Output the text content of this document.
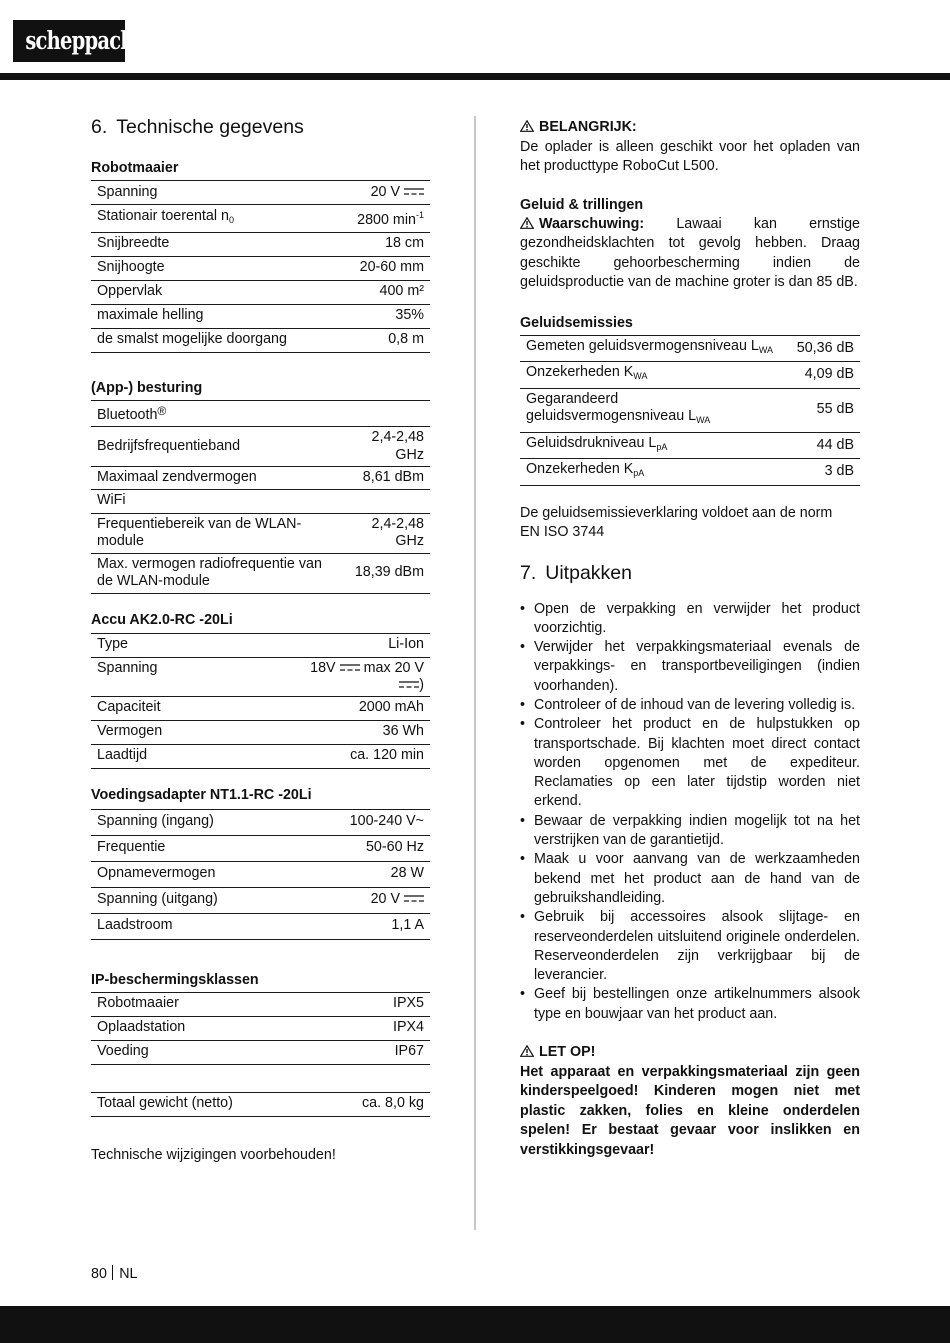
scheppach
6. Technische gegevens

Robotmaaier

Spanning	20 V
Stationair toerental $n_0$	2800 $\min^{-1}$
Snijbreedte	18 cm
Snijhoogte	20-60 mm
Oppervlak	400 m²
maximale helling	35%
de smalst mogelijke doorgang	0,8 m

(App-) besturing

Bluetooth®
Bedrijfsfrequentieband	2,4-2,48 GHz
Maximaal zendvermogen	8,61 dBm
WiFi	
Frequentiebereik van de WLAN-module	2,4-2,48 GHz
Max. vermogen radiofrequentie van de WLAN-module	18,39 dBm

Accu AK2.0-RC -20Li

Type	Li-Ion
Spanning	18V max 20 V
)
Capaciteit	2000 mAh
Vermogen	36 Wh
Laadtijd	ca. 120 min

Voedingsadapter NT1.1-RC -20Li

Spanning (ingang)	100-240 V~
Frequentie	50-60 Hz
Opnamevermogen	28 W
Spanning (uitgang)	20 V
Laadstroom	1,1 A

IP-beschermingsklassen

Robotmaaier	IPX5
Oplaadstation	IPX4
Voeding	IP67
Totaal gewicht (netto)	ca. 8,0 kg

Technische wijzigingen voorbehouden!

BELANGRIJK:

De oplader is alleen geschikt voor het opladen van het producttype RoboCut L500.

Geluid & trillingen

Waarschuwing: Lawaai kan ernstige gezondheidsklachten tot gevolg hebben. Draag geschikte gehoorbescherming indien de geluidsproductie van de machine groter is dan 85 dB.

Geluidsemissies

Gemeten geluidsvermogensniveau $L_{WA}$	50,36 dB
Onzekerheden $K_{WA}$	4,09 dB
Gegarandeerd geluidsvermogensniveau $L_{WA}$	55 dB
Geluidsdrukniveau $L_{pA}$	44 dB
Onzekerheden $K_{pA}$	3 dB

De geluidsemissieverklaring voldoet aan de norm EN ISO 3744

7. Uitpakken
• Open de verpakking en verwijder het product voorzichtig.
• Verwijder het verpakkingsmateriaal evenals de verpakkings- en transportbeveiligingen (indien voorhanden).
• Controleer of de inhoud van de levering volledig is.
• Controleer het product en de hulpstukken op transportschade. Bij klachten moet direct contact worden opgenomen met de expediteur. Reclamaties op een later tijdstip worden niet erkend.
• Bewaar de verpakking indien mogelijk tot na het verstrijken van de garantietijd.
• Maak u voor aanvang van de werkzaamheden bekend met het product aan de hand van de gebruikshandleiding.
• Gebruik bij accessoires alsook slijtage- en reserveonderdelen uitsluitend originele onderdelen. Reserveonderdelen zijn verkrijgbaar bij de leverancier.
• Geef bij bestellingen onze artikelnummers alsook type en bouwjaar van het product aan.

LET OP!

Het apparaat en verpakkingsmateriaal zijn geen kinderspeelgoed! Kinderen mogen niet met plastic zakken, folies en kleine onderdelen spelen! Er bestaat gevaar voor inslikken en verstikkingsgevaar!

80 NL
